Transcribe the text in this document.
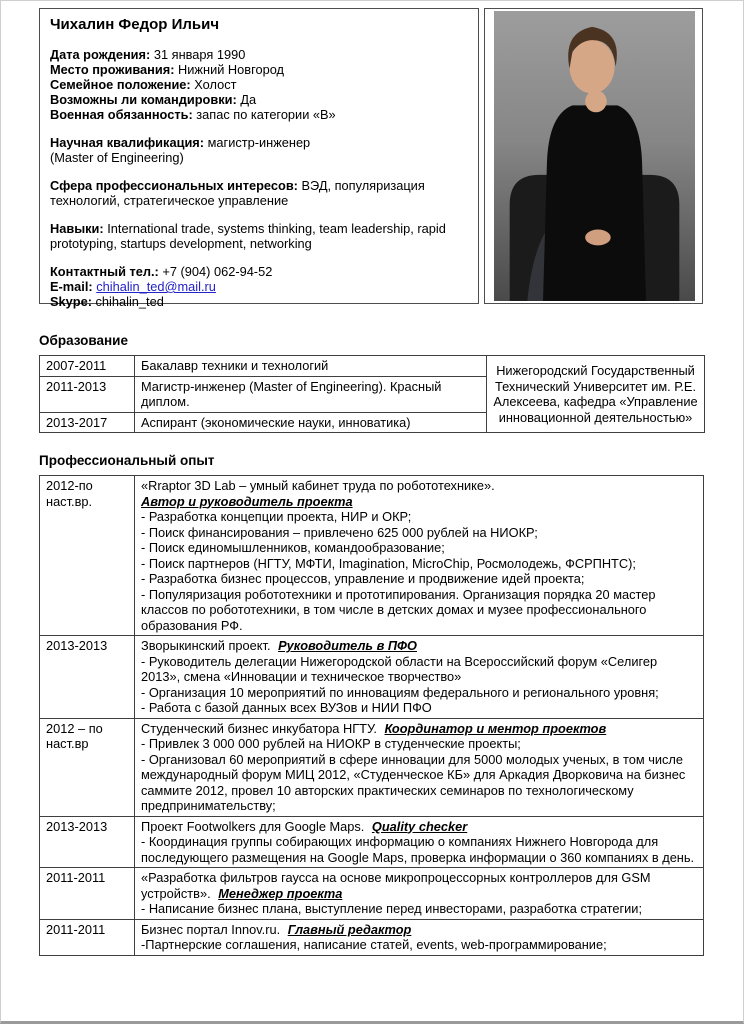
Чихалин Федор Ильич
Дата рождения: 31 января 1990
Место проживания: Нижний Новгород
Семейное положение: Холост
Возможны ли командировки: Да
Военная обязанность: запас по категории «В»
Научная квалификация: магистр-инженер
(Master of Engineering)
Сфера профессиональных интересов: ВЭД, популяризация технологий, стратегическое управление
Навыки: International trade, systems thinking, team leadership, rapid prototyping, startups development, networking
Контактный тел.: +7 (904) 062-94-52
E-mail: chihalin_ted@mail.ru
Skype: chihalin_ted
Образование
2007-2011	Бакалавр техники и технологий	Нижегородский Государственный Технический Университет им. Р.Е. Алексеева, кафедра «Управление инновационной деятельностью»
2011-2013	Магистр-инженер (Master of Engineering). Красный диплом.	
2013-2017	Аспирант (экономические науки, инноватика)	
Профессиональный опыт
2012-по наст.вр.	«Rraptor 3D Lab – умный кабинет труда по робототехнике».
Автор и руководитель проекта
- Разработка концепции проекта, НИР и ОКР;
- Поиск финансирования – привлечено 625 000 рублей на НИОКР;
- Поиск единомышленников, командообразование;
- Поиск партнеров (НГТУ, МФТИ, Imagination, MicroChip, Росмолодежь, ФСРПНТС);
- Разработка бизнес процессов, управление и продвижение идей проекта;
- Популяризация робототехники и прототипирования. Организация порядка 20 мастер классов по робототехники, в том числе в детских домах и музее профессионального образования РФ.

2013-2013	Зворыкинский проект. Руководитель в ПФО
- Руководитель делегации Нижегородской области на Всероссийский форум «Селигер 2013», смена «Инновации и техническое творчество»
- Организация 10 мероприятий по инновациям федерального и регионального уровня;
- Работа с базой данных всех ВУЗов и НИИ ПФО

2012 – по наст.вр	Студенческий бизнес инкубатора НГТУ. Координатор и ментор проектов
- Привлек 3 000 000 рублей на НИОКР в студенческие проекты;
- Организовал 60 мероприятий в сфере инновации для 5000 молодых ученых, в том числе международный форум МИЦ 2012, «Студенческое КБ» для Аркадия Дворковича на бизнес саммите 2012, провел 10 авторских практических семинаров по технологическому предпринимательству;

2013-2013	Проект Footwolkers для Google Maps. Quality checker
- Координация группы собирающих информацию о компаниях Нижнего Новгорода для последующего размещения на Google Maps, проверка информации о 360 компаниях в день.

2011-2011	«Разработка фильтров гаусса на основе микропроцессорных контроллеров для GSM устройств». Менеджер проекта
- Написание бизнес плана, выступление перед инвесторами, разработка стратегии;

2011-2011	Бизнес портал Innov.ru. Главный редактор
-Партнерские соглашения, написание статей, events, web-программирование;
